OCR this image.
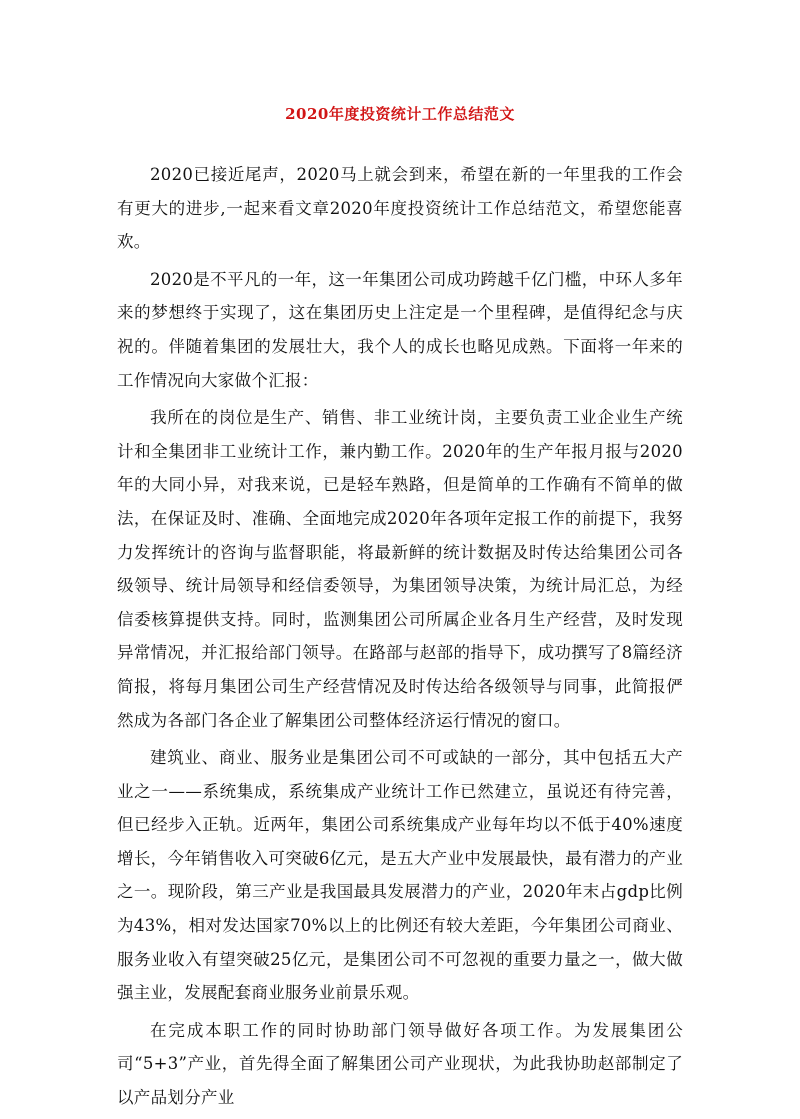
2020年度投资统计工作总结范文

2020已接近尾声，2020马上就会到来，希望在新的一年里我的工作会有更大的进步,一起来看文章2020年度投资统计工作总结范文，希望您能喜欢。

2020是不平凡的一年，这一年集团公司成功跨越千亿门槛，中环人多年来的梦想终于实现了，这在集团历史上注定是一个里程碑，是值得纪念与庆祝的。伴随着集团的发展壮大，我个人的成长也略见成熟。下面将一年来的工作情况向大家做个汇报：

我所在的岗位是生产、销售、非工业统计岗，主要负责工业企业生产统计和全集团非工业统计工作，兼内勤工作。2020年的生产年报月报与2020年的大同小异，对我来说，已是轻车熟路，但是简单的工作确有不简单的做法，在保证及时、准确、全面地完成2020年各项年定报工作的前提下，我努力发挥统计的咨询与监督职能，将最新鲜的统计数据及时传达给集团公司各级领导、统计局领导和经信委领导，为集团领导决策，为统计局汇总，为经信委核算提供支持。同时，监测集团公司所属企业各月生产经营，及时发现异常情况，并汇报给部门领导。在路部与赵部的指导下，成功撰写了8篇经济简报，将每月集团公司生产经营情况及时传达给各级领导与同事，此简报俨然成为各部门各企业了解集团公司整体经济运行情况的窗口。

建筑业、商业、服务业是集团公司不可或缺的一部分，其中包括五大产业之一——系统集成，系统集成产业统计工作已然建立，虽说还有待完善，但已经步入正轨。近两年，集团公司系统集成产业每年均以不低于40%速度增长，今年销售收入可突破6亿元，是五大产业中发展最快，最有潜力的产业之一。现阶段，第三产业是我国最具发展潜力的产业，2020年末占gdp比例为43%，相对发达国家70%以上的比例还有较大差距，今年集团公司商业、服务业收入有望突破25亿元，是集团公司不可忽视的重要力量之一，做大做强主业，发展配套商业服务业前景乐观。

在完成本职工作的同时协助部门领导做好各项工作。为发展集团公司“5+3”产业，首先得全面了解集团公司产业现状，为此我协助赵部制定了以产品划分产业
